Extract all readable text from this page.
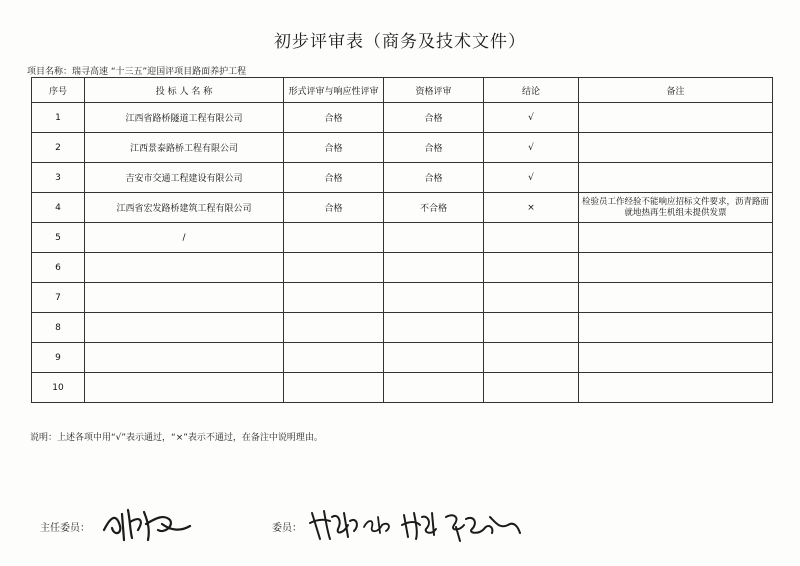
初步评审表（商务及技术文件）
项目名称：瑞寻高速 “十三五”迎国评项目路面养护工程
序号	投 标 人 名 称	形式评审与响应性评审	资格评审	结论	备注
1	江西省路桥隧道工程有限公司	合格	合格	√	
2	江西景泰路桥工程有限公司	合格	合格	√	
3	吉安市交通工程建设有限公司	合格	合格	√	
4	江西省宏发路桥建筑工程有限公司	合格	不合格	×	检验员工作经验不能响应招标文件要求，沥青路面就地热再生机组未提供发票
5	/				
6					
7					
8					
9					
10					
说明：上述各项中用“√”表示通过，“×”表示不通过，在备注中说明理由。
主任委员：	委员：
